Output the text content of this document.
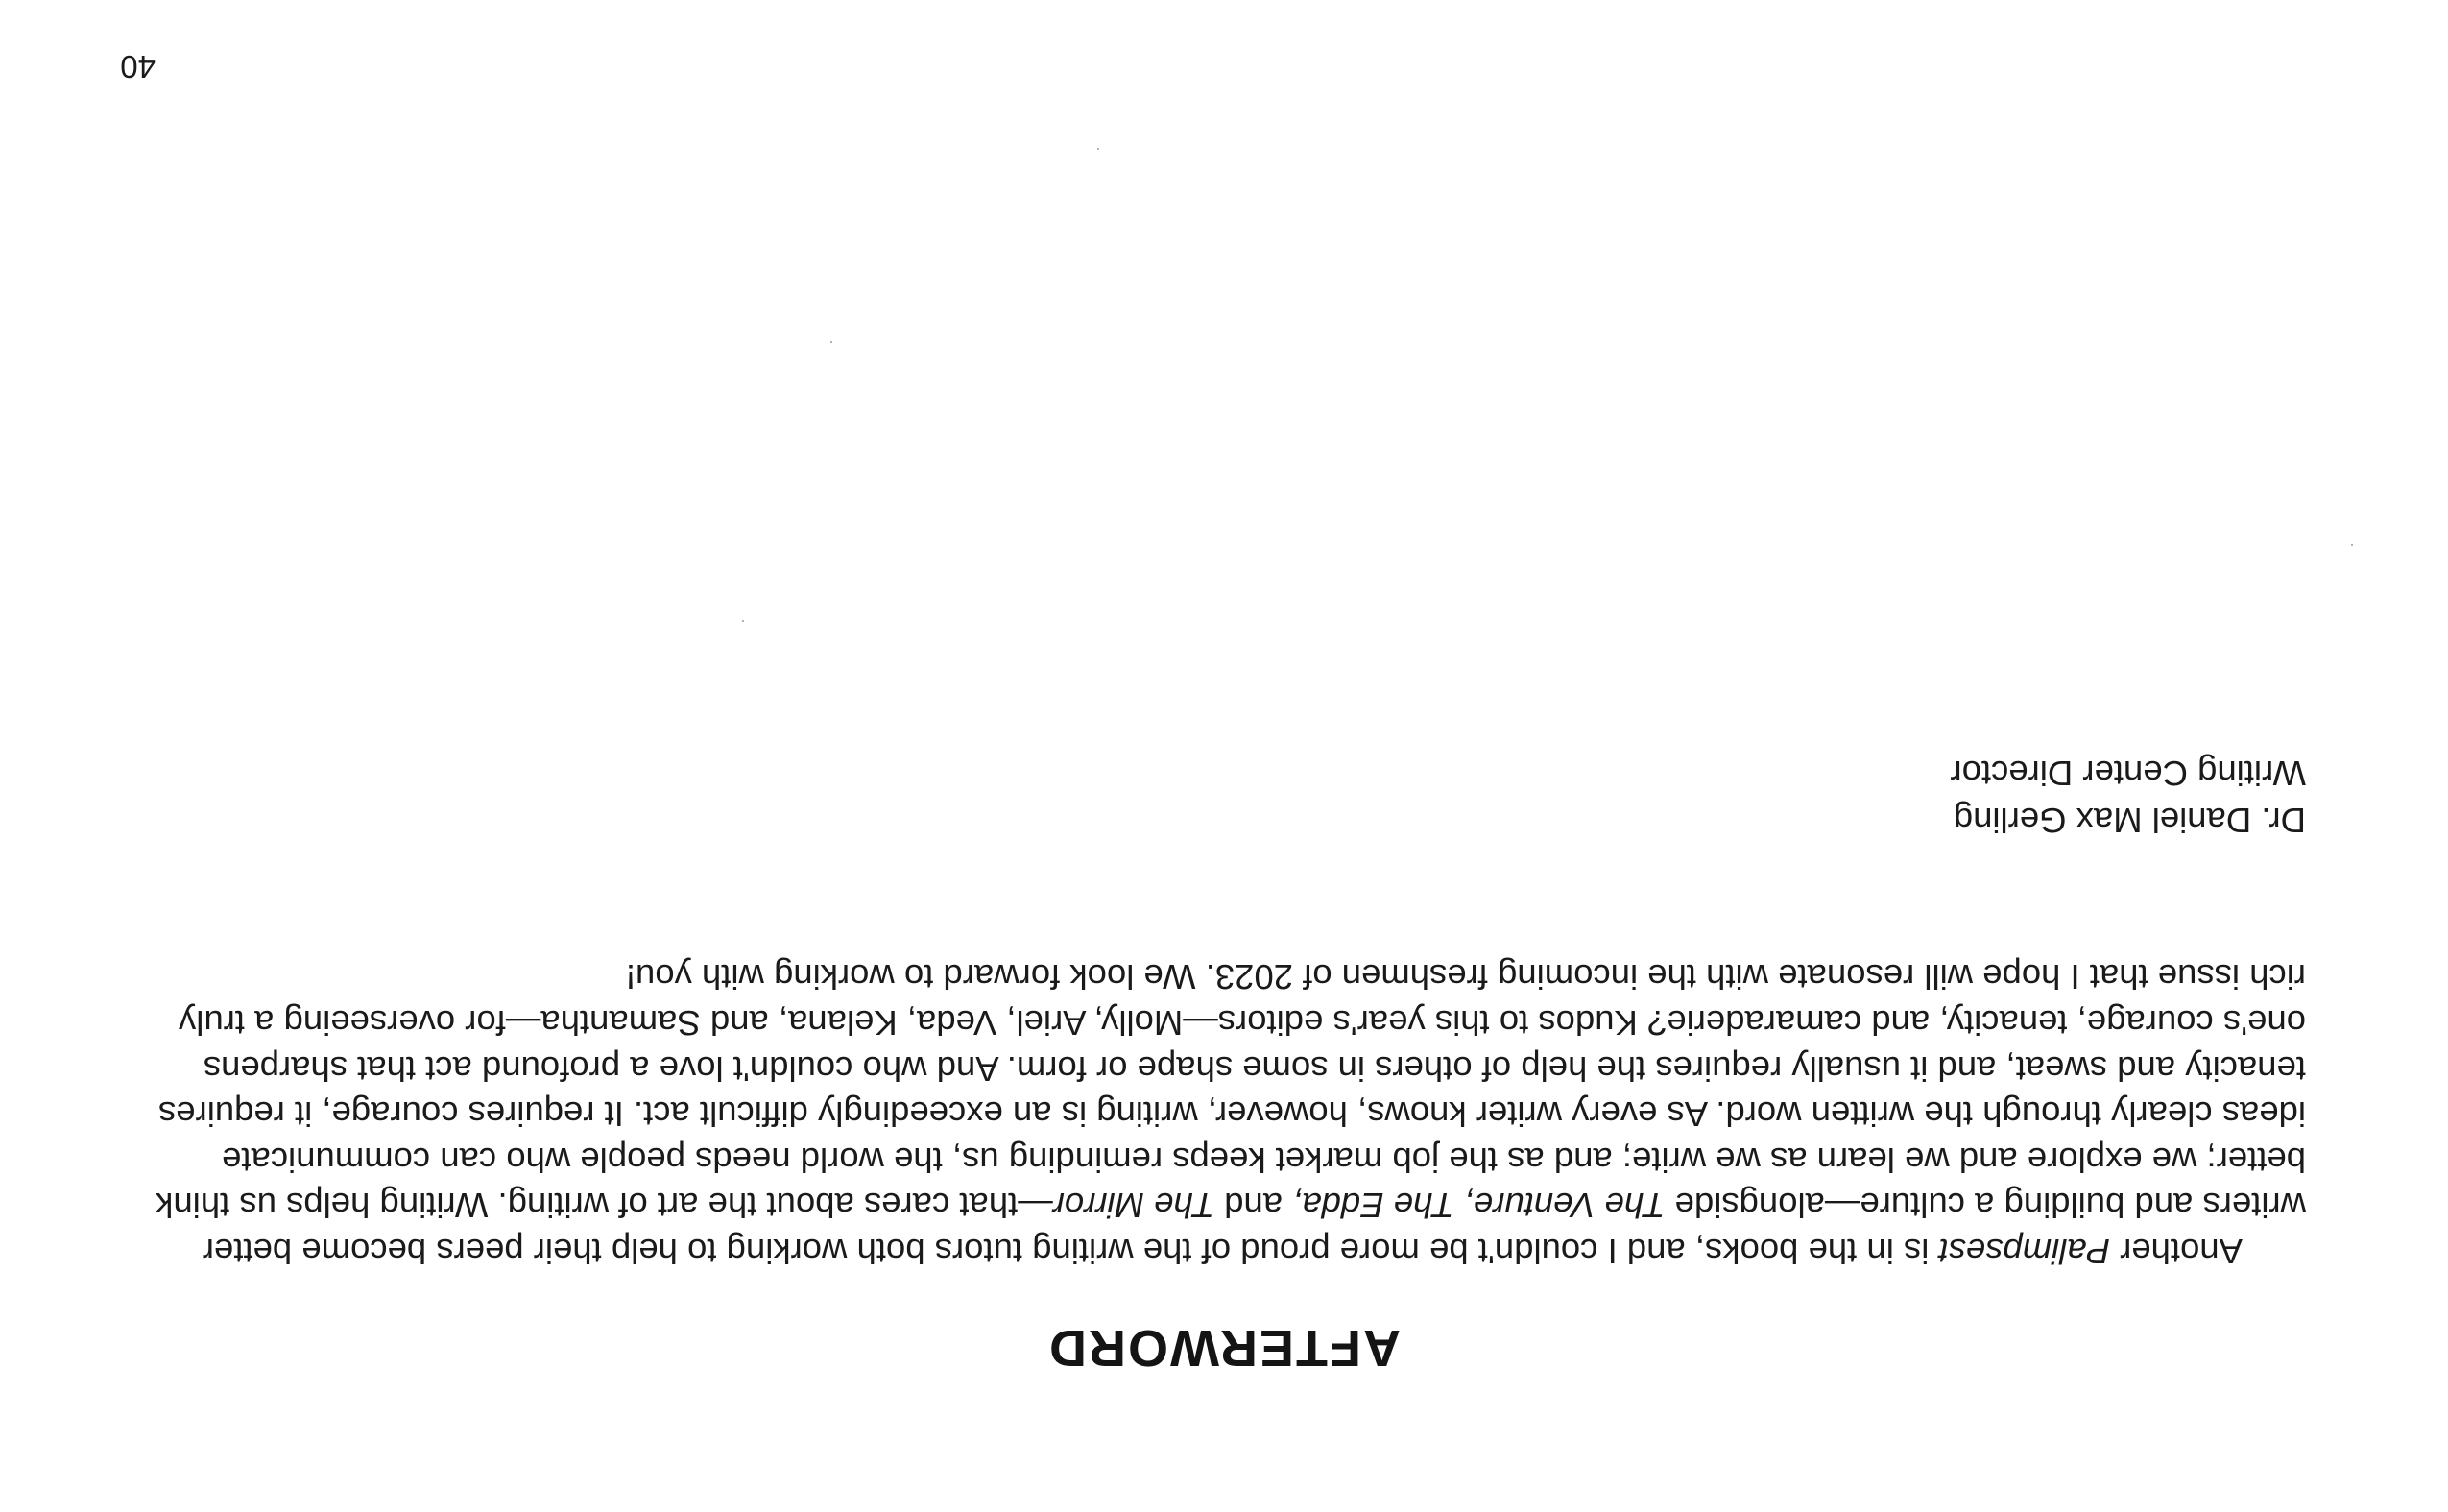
AFTERWORD

Another Palimpsest is in the books, and I couldn't be more proud of the writing tutors both working to help their peers become better writers and building a culture—alongside The Venture, The Edda, and The Mirror—that cares about the art of writing. Writing helps us think better; we explore and we learn as we write; and as the job market keeps reminding us, the world needs people who can communicate ideas clearly through the written word. As every writer knows, however, writing is an exceedingly difficult act. It requires courage, it requires tenacity and sweat, and it usually requires the help of others in some shape or form. And who couldn't love a profound act that sharpens one's courage, tenacity, and camaraderie? Kudos to this year's editors—Molly, Ariel, Veda, Kelana, and Samantha—for overseeing a truly rich issue that I hope will resonate with the incoming freshmen of 2023. We look forward to working with you!

Dr. Daniel Max Gerling
Writing Center Director
40
